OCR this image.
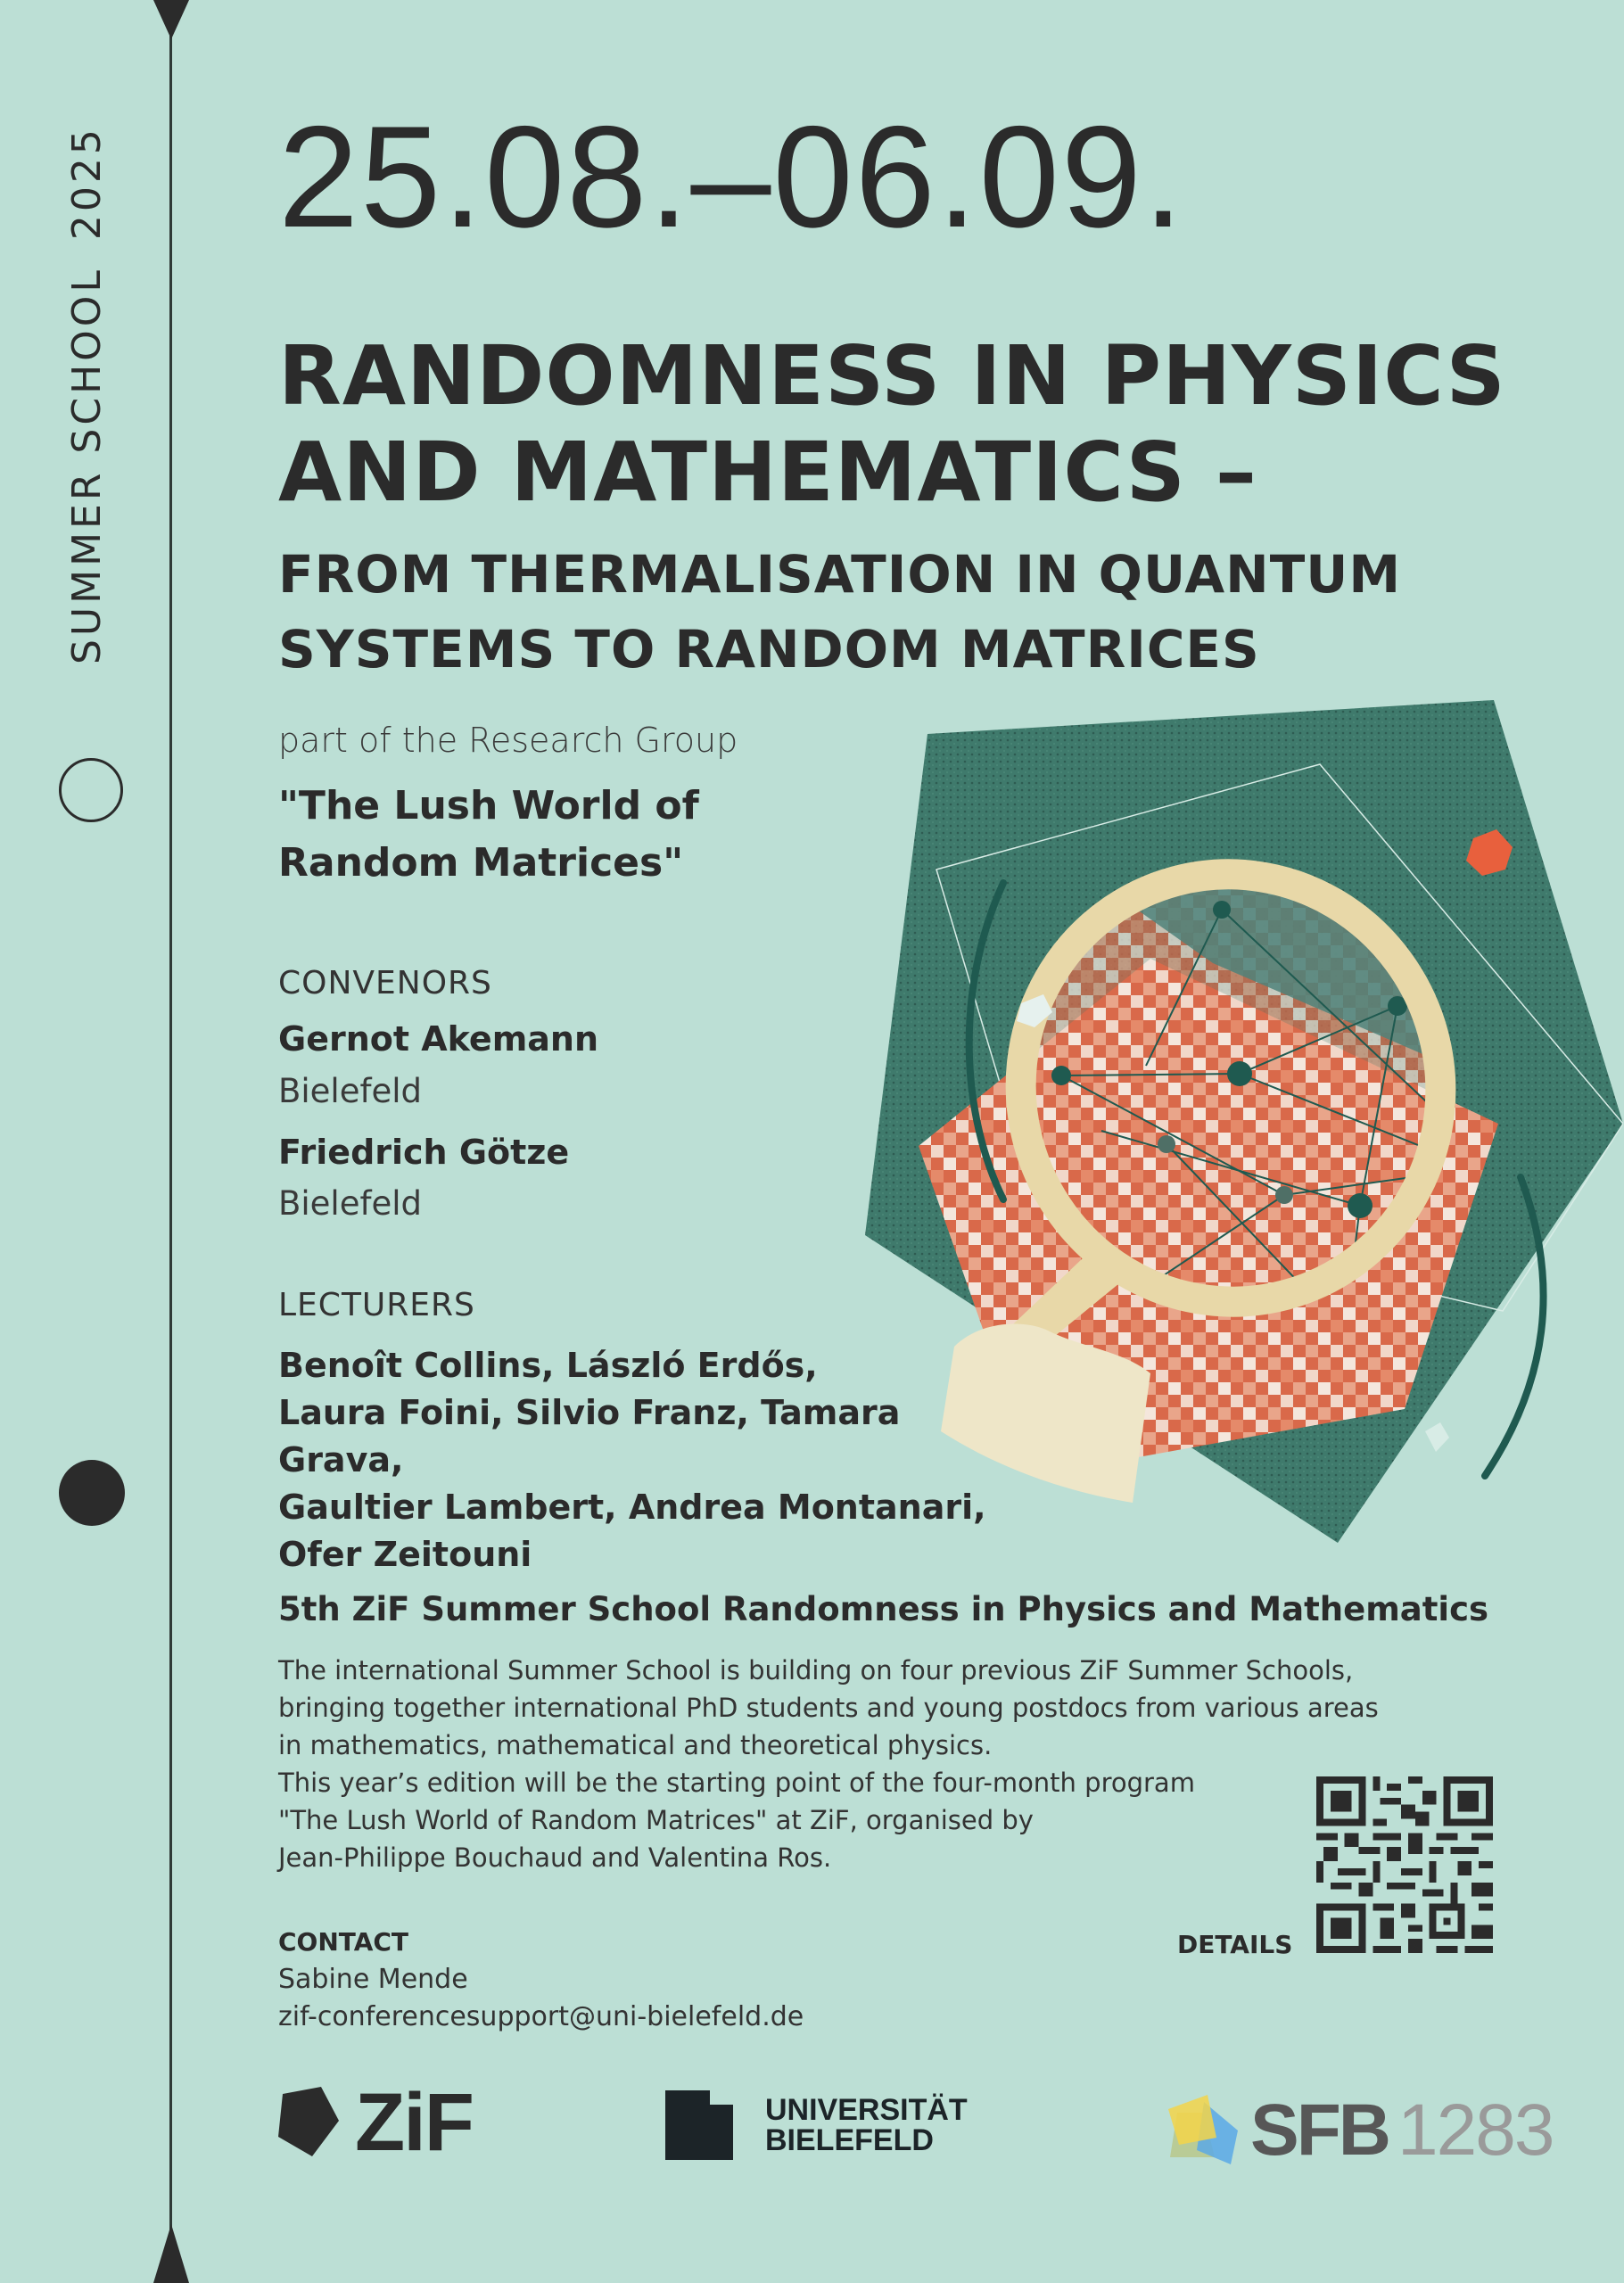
SUMMER SCHOOL2025 25.08.–06.09.
RANDOMNESS IN PHYSICS
AND MATHEMATICS –
FROM THERMALISATION IN QUANTUM
SYSTEMS TO RANDOM MATRICES
part of the Research Group
"The Lush World of
Random Matrices"
CONVENORS
Gernot Akemann
Bielefeld
Friedrich Götze
Bielefeld
LECTURERS
Benoît Collins, László Erdős,
Laura Foini, Silvio Franz, Tamara Grava,
Gaultier Lambert, Andrea Montanari,
Ofer Zeitouni
5th ZiF Summer School Randomness in Physics and Mathematics
The international Summer School is building on four previous ZiF Summer Schools,
bringing together international PhD students and young postdocs from various areas
in mathematics, mathematical and theoretical physics.
This year’s edition will be the starting point of the four-month program
"The Lush World of Random Matrices" at ZiF, organised by
Jean-Philippe Bouchaud and Valentina Ros.
CONTACT
Sabine Mende
zif-conferencesupport@uni-bielefeld.de
DETAILS
ZiF	UNIVERSITÄT
BIELEFELD	SFB 1283
